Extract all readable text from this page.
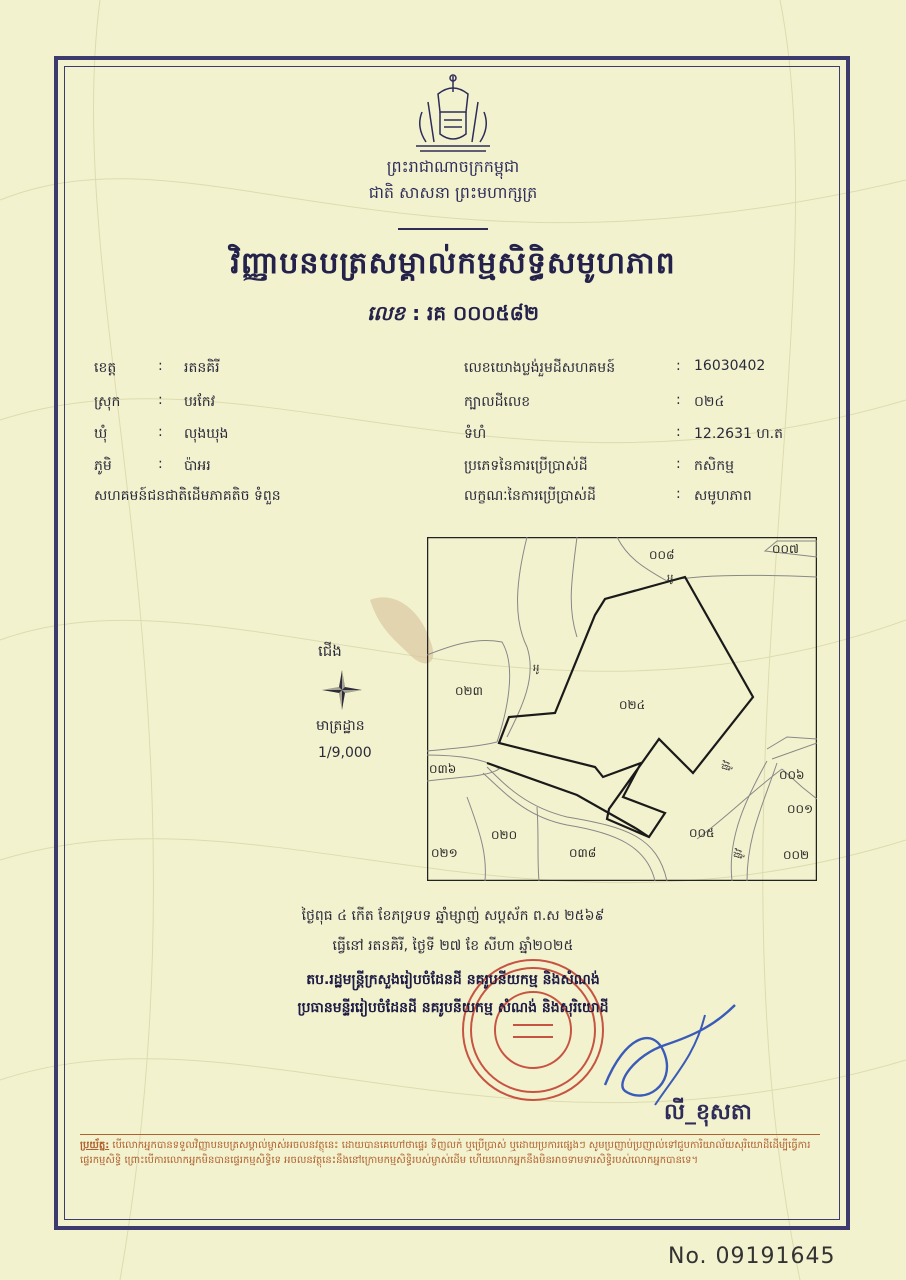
ព្រះរាជាណាចក្រកម្ពុជា
ជាតិ សាសនា ព្រះមហាក្សត្រ
វិញ្ញាបនបត្រសម្គាល់កម្មសិទ្ធិសមូហភាព
លេខ : រគ ០០០៥៨២
ខេត្ត	: រតនគិរី
ស្រុក	: បរកែវ
ឃុំ	: លុងឃុង
ភូមិ	: ប៉ាអរ
សហគមន៍ជនជាតិដើមភាគតិច ទំពួន
លេខយោងប្លង់រួមដីសហគមន៍	: 16030402
ក្បាលដីលេខ	: ០២៤
ទំហំ	: 12.2631 ហ.ត
ប្រភេទនៃការប្រើប្រាស់ដី	: កសិកម្ម
លក្ខណៈនៃការប្រើប្រាស់ដី	: សមូហភាព
ជើង
មាត្រដ្ឋាន
1/9,000
០០៧
០០៨
០២៣
០២៤
០៣៦	០០៦
០០១
០២០
០៣៨
០០៥
០០២
០២១
អូ
អូ
ផ្លូវ
ផ្លូវ
ថ្ងៃពុធ ៤ កើត ខែភទ្របទ ឆ្នាំម្សាញ់ សប្តស័ក ព.ស ២៥៦៩
ធ្វើនៅ រតនគិរី, ថ្ងៃទី ២៧ ខែ សីហា ឆ្នាំ២០២៥
តប.រដ្ឋមន្ត្រីក្រសួងរៀបចំដែនដី នគរូបនីយកម្ម និងសំណង់
ប្រធានមន្ទីររៀបចំដែនដី នគរូបនីយកម្ម សំណង់ និងសុរិយោដី
លី_ខុសតា
ប្រយ័ត្ន: បើលោកអ្នកបានទទួលវិញ្ញាបនបត្រសម្គាល់ម្ចាស់អចលនវត្ថុនេះ ដោយបានគេហៅថាផ្ទេរ ទិញលក់ ឬប្រើប្រាស់ ឬដោយប្រការផ្សេងៗ សូមប្រញាប់ប្រញាល់ទៅជួបការិយាល័យសុរិយោដីដើម្បីធ្វើការផ្ទេរកម្មសិទ្ធិ ព្រោះបើការលោកអ្នកមិនបានផ្ទេរកម្មសិទ្ធិទេ អចលនវត្ថុនេះនឹងនៅក្រោមកម្មសិទ្ធិរបស់ម្ចាស់ដើម ហើយលោកអ្នកនឹងមិនអាចទាមទារសិទ្ធិរបស់លោកអ្នកបានទេ។
No. 09191645
